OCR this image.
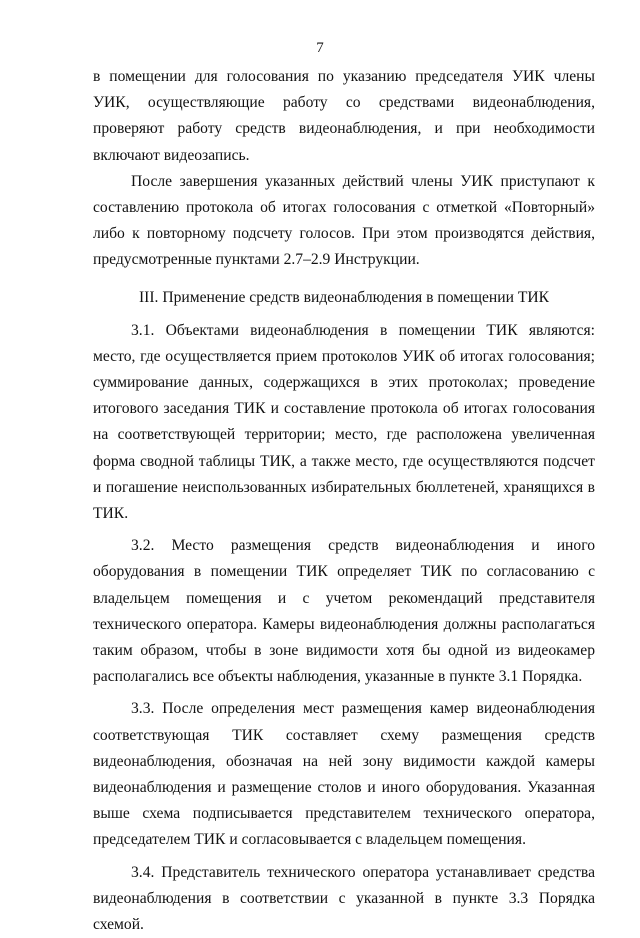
7

в помещении для голосования по указанию председателя УИК члены УИК, осуществляющие работу со средствами видеонаблюдения, проверяют работу средств видеонаблюдения, и при необходимости включают видеозапись.

После завершения указанных действий члены УИК приступают к составлению протокола об итогах голосования с отметкой «Повторный» либо к повторному подсчету голосов. При этом производятся действия, предусмотренные пунктами 2.7–2.9 Инструкции.

III. Применение средств видеонаблюдения в помещении ТИК

3.1. Объектами видеонаблюдения в помещении ТИК являются: место, где осуществляется прием протоколов УИК об итогах голосования; суммирование данных, содержащихся в этих протоколах; проведение итогового заседания ТИК и составление протокола об итогах голосования на соответствующей территории; место, где расположена увеличенная форма сводной таблицы ТИК, а также место, где осуществляются подсчет и погашение неиспользованных избирательных бюллетеней, хранящихся в ТИК.

3.2. Место размещения средств видеонаблюдения и иного оборудования в помещении ТИК определяет ТИК по согласованию с владельцем помещения и с учетом рекомендаций представителя технического оператора. Камеры видеонаблюдения должны располагаться таким образом, чтобы в зоне видимости хотя бы одной из видеокамер располагались все объекты наблюдения, указанные в пункте 3.1 Порядка.

3.3. После определения мест размещения камер видеонаблюдения соответствующая ТИК составляет схему размещения средств видеонаблюдения, обозначая на ней зону видимости каждой камеры видеонаблюдения и размещение столов и иного оборудования. Указанная выше схема подписывается представителем технического оператора, председателем ТИК и согласовывается с владельцем помещения.

3.4. Представитель технического оператора устанавливает средства видеонаблюдения в соответствии с указанной в пункте 3.3 Порядка схемой.
